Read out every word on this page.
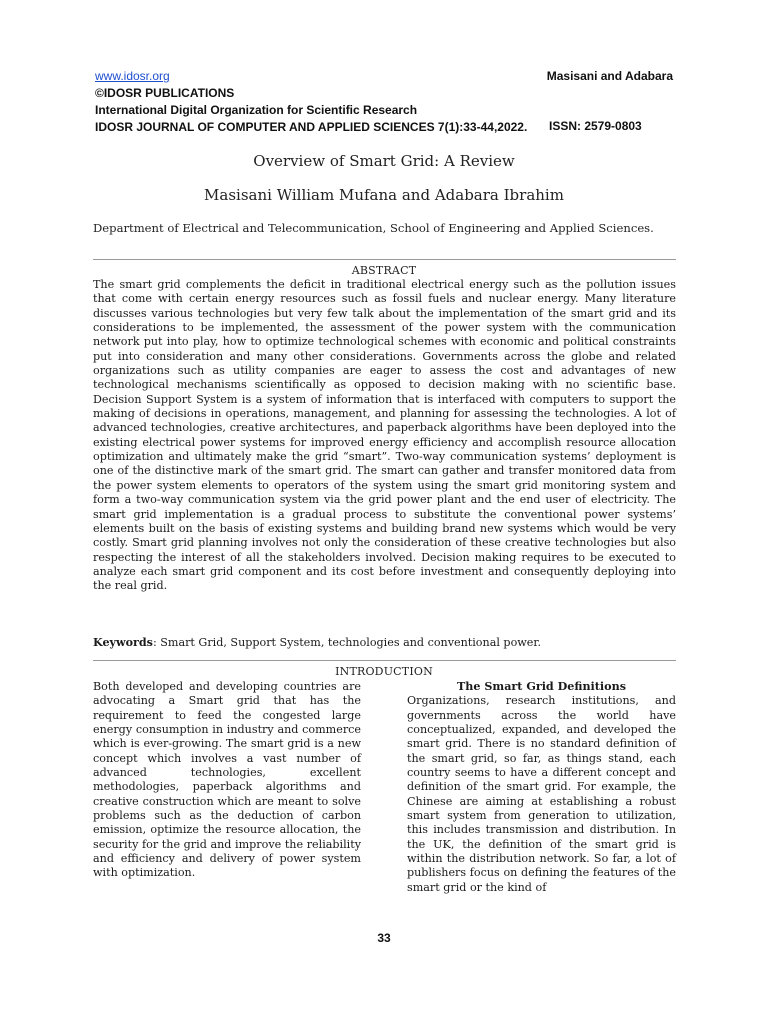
www.idosr.org
©IDOSR PUBLICATIONS
International Digital Organization for Scientific Research
IDOSR JOURNAL OF COMPUTER AND APPLIED SCIENCES 7(1):33-44,2022.
Masisani and Adabara
ISSN: 2579-0803
Overview of Smart Grid: A Review
Masisani William Mufana and Adabara Ibrahim
Department of Electrical and Telecommunication, School of Engineering and Applied Sciences.
ABSTRACT
The smart grid complements the deficit in traditional electrical energy such as the pollution issues that come with certain energy resources such as fossil fuels and nuclear energy. Many literature discusses various technologies but very few talk about the implementation of the smart grid and its considerations to be implemented, the assessment of the power system with the communication network put into play, how to optimize technological schemes with economic and political constraints put into consideration and many other considerations. Governments across the globe and related organizations such as utility companies are eager to assess the cost and advantages of new technological mechanisms scientifically as opposed to decision making with no scientific base. Decision Support System is a system of information that is interfaced with computers to support the making of decisions in operations, management, and planning for assessing the technologies. A lot of advanced technologies, creative architectures, and paperback algorithms have been deployed into the existing electrical power systems for improved energy efficiency and accomplish resource allocation optimization and ultimately make the grid “smart”. Two-way communication systems’ deployment is one of the distinctive mark of the smart grid. The smart can gather and transfer monitored data from the power system elements to operators of the system using the smart grid monitoring system and form a two-way communication system via the grid power plant and the end user of electricity. The smart grid implementation is a gradual process to substitute the conventional power systems’ elements built on the basis of existing systems and building brand new systems which would be very costly. Smart grid planning involves not only the consideration of these creative technologies but also respecting the interest of all the stakeholders involved. Decision making requires to be executed to analyze each smart grid component and its cost before investment and consequently deploying into the real grid.
Keywords: Smart Grid, Support System, technologies and conventional power.
INTRODUCTION
Both developed and developing countries are advocating a Smart grid that has the requirement to feed the congested large energy consumption in industry and commerce which is ever-growing. The smart grid is a new concept which involves a vast number of advanced technologies, excellent methodologies, paperback algorithms and creative construction which are meant to solve problems such as the deduction of carbon emission, optimize the resource allocation, the security for the grid and improve the reliability and efficiency and delivery of power system with optimization.
The Smart Grid Definitions
Organizations, research institutions, and governments across the world have conceptualized, expanded, and developed the smart grid. There is no standard definition of the smart grid, so far, as things stand, each country seems to have a different concept and definition of the smart grid. For example, the Chinese are aiming at establishing a robust smart system from generation to utilization, this includes transmission and distribution. In the UK, the definition of the smart grid is within the distribution network. So far, a lot of publishers focus on defining the features of the smart grid or the kind of
33
